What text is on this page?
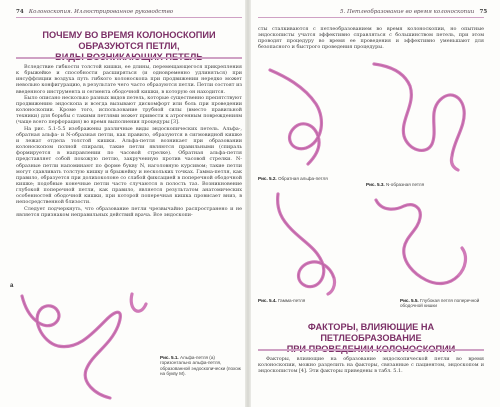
74 Колоноскопия. Иллюстрированное руководство
ПОЧЕМУ ВО ВРЕМЯ КОЛОНОСКОПИИ ОБРАЗУЮТСЯ ПЕТЛИ,

Вследствие гибкости толстой кишки, ее длины, перемещающегося прикрепления к брыжейке и способности расширяться (и одновременно удлиняться) при инсуффляции воздуха путь гибкого колоноскопа при продвижении нередко может невольно конфигурацию, в результате чего часто образуются петли. Петли состоят из введенного инструмента и сегмента ободочной кишки, в которую он находится.

Было описано несколько разных видов петель, которые существенно препятствуют продвижению эндоскопа и всегда вызывают дискомфорт или боль при проведении колоноскопии. Кроме того, использование трубной силы (вместо правильной техники) для борьбы с такими петлями может привести к атрогенным повреждениям (чаще всего перфорация) во время выполнения процедуры [3].

На рис. 5.1-5.5 изображены различные виды эндоскопических петель. Альфа-, обратная альфа- и N-образная петли, как правило, образуются в сигмовидной кишке и лежат отдела толстой кишки. Альфа-петля возникает при образовании колоноскопом полной спирали, такие петли являются правильными (спираль формируется в направлении по часовой стрелке). Обратная альфа-петля представляет собой похожую петлю, закрученную против часовой стрелки. N-образные петли напоминают по форме букву N, наголовную курсивом; такие петли могут сдавливать толстую кишку и брыжейку и нескольких точках. Гамма-петля, как правило, образуется при долихоколоне со слабой фиксацией в поперечной ободочной кишке; подобные конечные петли часто случаются в полость таз. Возникновение глубокой поперечной петли, как правило, является результатом анатомических особенностей ободочной кишки, при которой поперечная кишка провисает вниз, в непосредственной близости.

Следует подчеркнуть, что образование петли чрезвычайно распространено и не является признаком неправильных действий врача. Все эндоскопи-

а
Рис. 5.1. Альфа-петля (а) горизонтально альфа-петля, образованной эндоскопически (похож на букву М).
5. Петлеобразование во время колоноскопии 75

сты сталкиваются с петлеобразованием во время колоноскопии, но опытные эндоскописты учатся эффективно справляться с большинством петель, при этом проводят процедуру во время ее проведения и эффективно уменьшают для безопасного и быстрого проведения процедуры.

Рис. 5.2. Обратная альфа-петля
Рис. 5.3. N-образная петля
Рис. 5.4. Гамма-петля	Рис. 5.5. Глубокая петля поперечной ободочной кишки
ФАКТОРЫ, ВЛИЯЮЩИЕ НА ПЕТЛЕОБРАЗОВАНИЕ

Факторы, влияющие на образование эндоскопической петли во время колоноскопии, можно разделить на факторы, связанные с пациентом, эндоскопом и эндоскопистом [4]. Эти факторы приведены в табл. 5.1.
